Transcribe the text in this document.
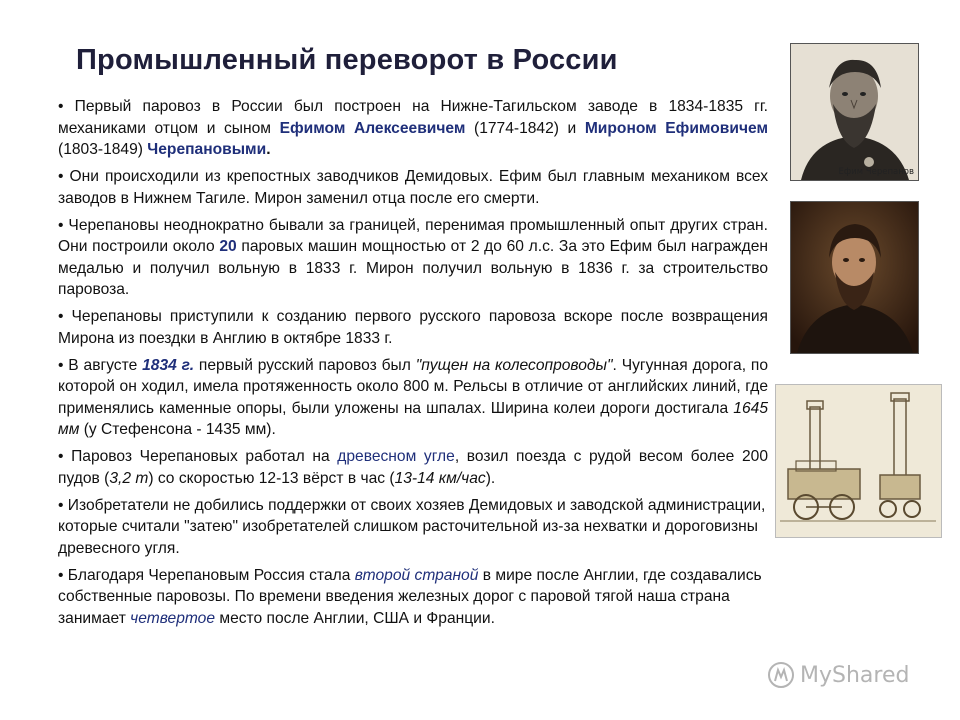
Промышленный переворот в России

• Первый паровоз в России был построен на Нижне-Тагильском заводе в 1834-1835 гг. механиками отцом и сыном Ефимом Алексеевичем (1774-1842) и Мироном Ефимовичем (1803-1849) Черепановыми.

• Они происходили из крепостных заводчиков Демидовых. Ефим был главным механиком всех заводов в Нижнем Тагиле. Мирон заменил отца после его смерти.

• Черепановы неоднократно бывали за границей, перенимая промышленный опыт других стран. Они построили около 20 паровых машин мощностью от 2 до 60 л.с. За это Ефим был награжден медалью и получил вольную в 1833 г. Мирон получил вольную в 1836 г. за строительство паровоза.

• Черепановы приступили к созданию первого русского паровоза вскоре после возвращения Мирона из поездки в Англию в октябре 1833 г.

• В августе 1834 г. первый русский паровоз был "пущен на колесопроводы". Чугунная дорога, по которой он ходил, имела протяженность около 800 м. Рельсы в отличие от английских линий, где применялись каменные опоры, были уложены на шпалах. Ширина колеи дороги достигала 1645 мм (у Стефенсона - 1435 мм).

• Паровоз Черепановых работал на древесном угле, возил поезда с рудой весом более 200 пудов (3,2 т) со скоростью 12-13 вёрст в час (13-14 км/час).

• Изобретатели не добились поддержки от своих хозяев Демидовых и заводской администрации, которые считали "затею" изобретателей слишком расточительной из-за нехватки и дороговизны древесного угля.

• Благодаря Черепановым Россия стала второй страной в мире после Англии, где создавались собственные паровозы. По времени введения железных дорог с паровой тягой наша страна занимает четвертое место после Англии, США и Франции.

Ефим Черепанов
MyShared
